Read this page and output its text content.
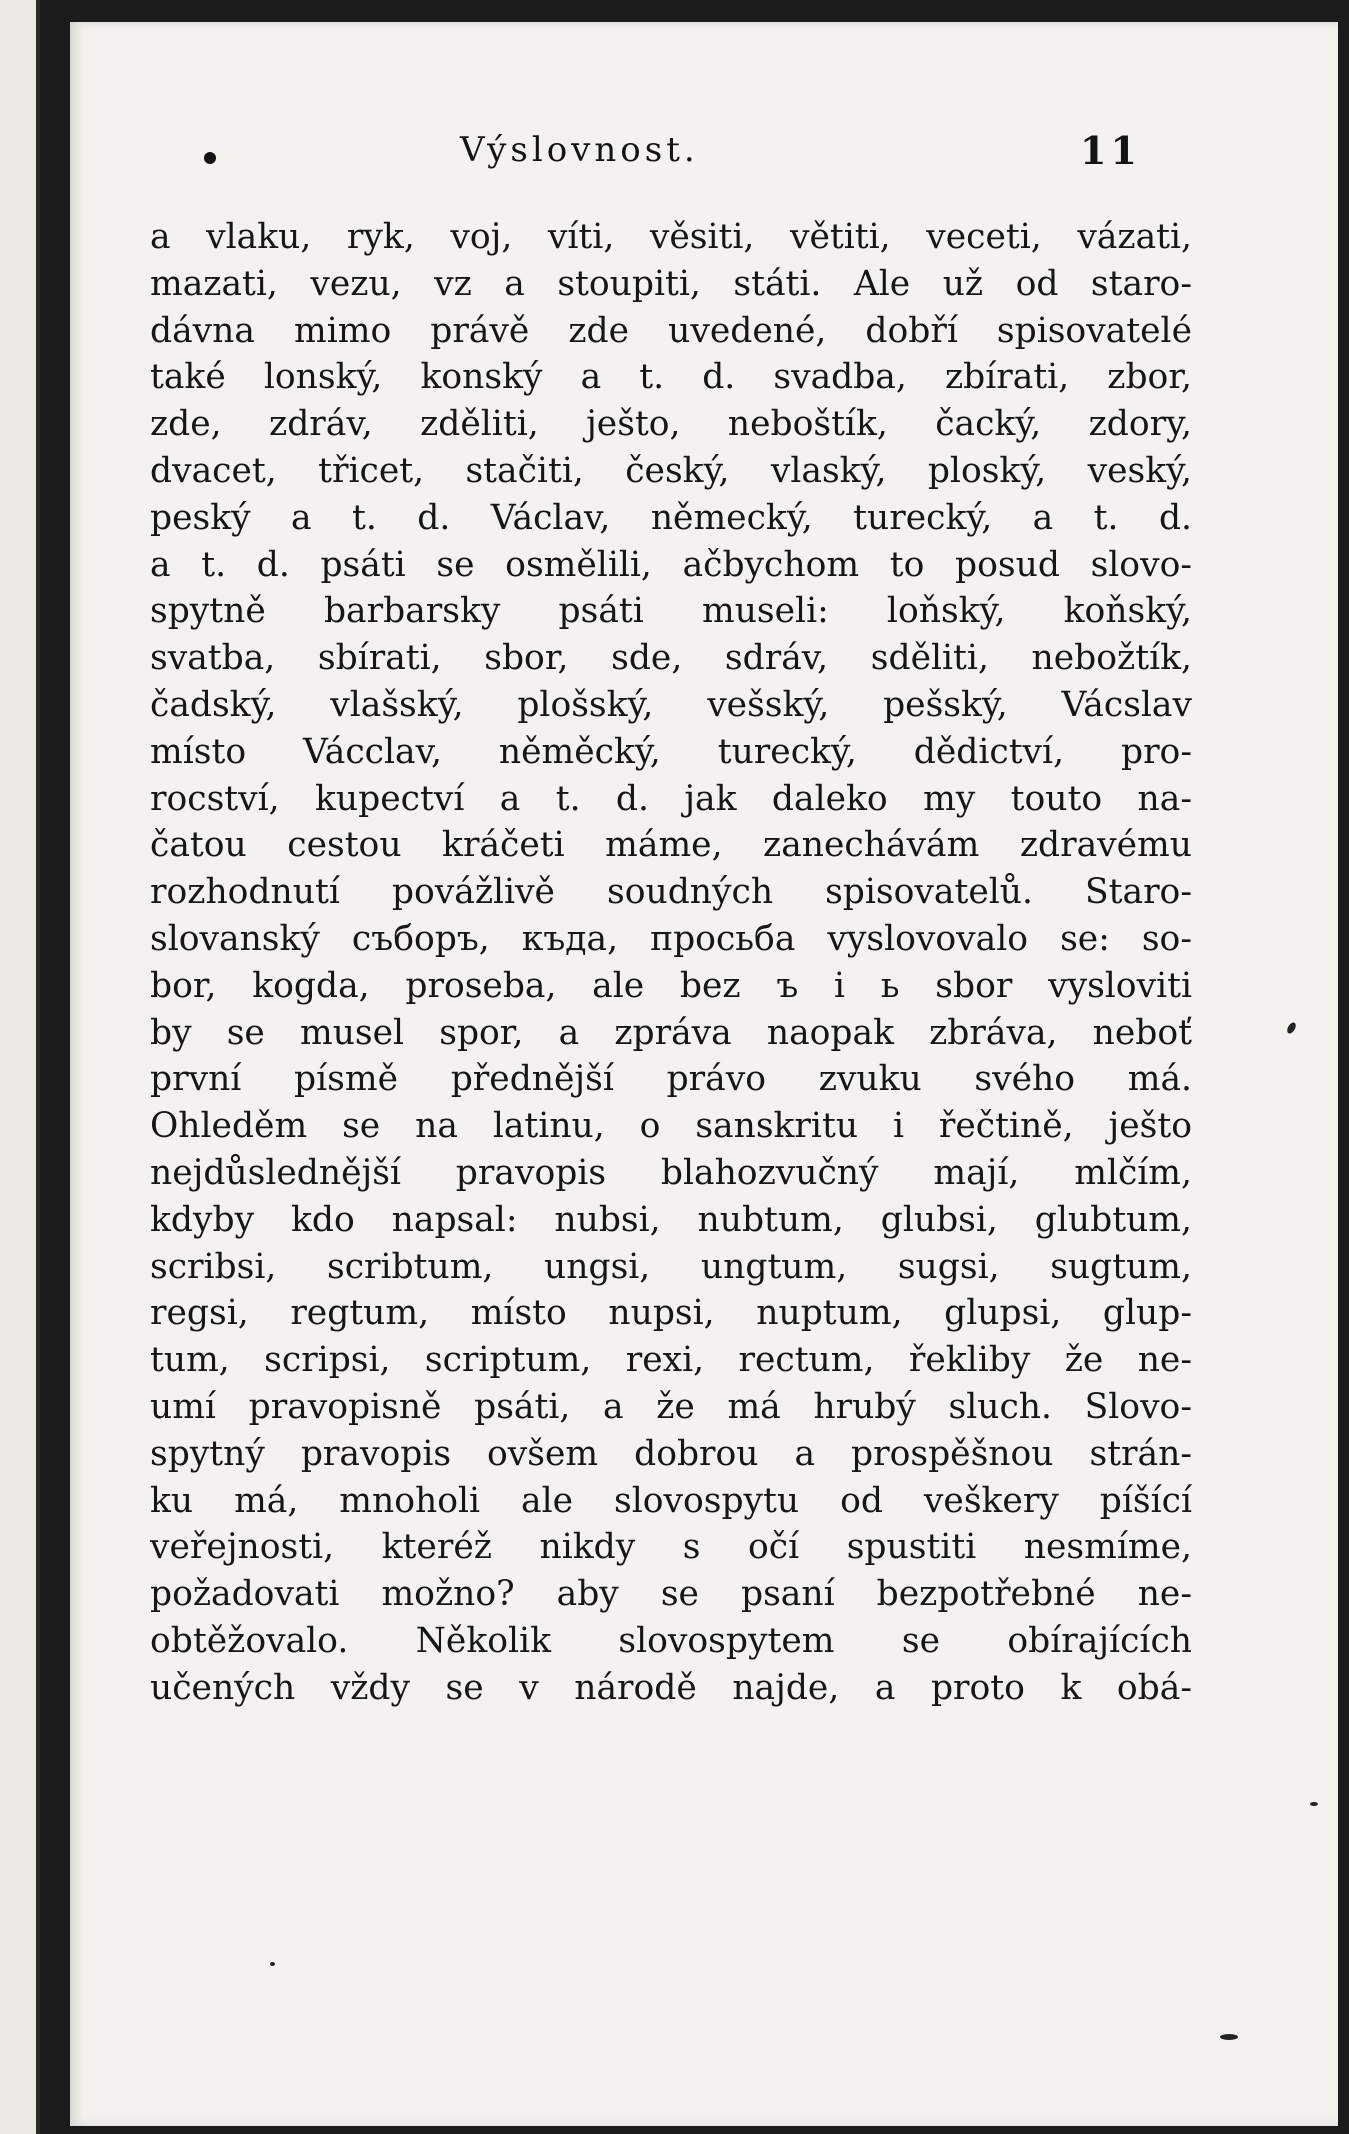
Výslovnost.	11
a vlaku, ryk, voj, víti, věsiti, větiti, veceti, vázati,
mazati, vezu, vz a stoupiti, státi. Ale už od staro-
dávna mimo právě zde uvedené, dobří spisovatelé
také lonský, konský a t. d. svadba, zbírati, zbor,
zde, zdráv, zděliti, ješto, neboštík, čacký, zdory,
dvacet, třicet, stačiti, český, vlaský, ploský, veský,
peský a t. d. Václav, německý, turecký, a t. d.
a t. d. psáti se osmělili, ačbychom to posud slovo-
spytně barbarsky psáti museli: loňský, koňský,
svatba, sbírati, sbor, sde, sdráv, sděliti, nebožtík,
čadský, vlašský, plošský, vešský, pešský, Vácslav
místo Vácclav, něměcký, turecký, dědictví, pro-
rocství, kupectví a t. d. jak daleko my touto na-
čatou cestou kráčeti máme, zanechávám zdravému
rozhodnutí povážlivě soudných spisovatelů. Staro-
slovanský съборъ, къда, просьба vyslovovalo se: so-
bor, kogda, proseba, ale bez ъ i ь sbor vysloviti
by se musel spor, a zpráva naopak zbráva, neboť
první písmě přednější právo zvuku svého má.
Ohleděm se na latinu, o sanskritu i řečtině, ješto
nejdůslednější pravopis blahozvučný mají, mlčím,
kdyby kdo napsal: nubsi, nubtum, glubsi, glubtum,
scribsi, scribtum, ungsi, ungtum, sugsi, sugtum,
regsi, regtum, místo nupsi, nuptum, glupsi, glup-
tum, scripsi, scriptum, rexi, rectum, řekliby že ne-
umí pravopisně psáti, a že má hrubý sluch. Slovo-
spytný pravopis ovšem dobrou a prospěšnou strán-
ku má, mnoholi ale slovospytu od veškery píšící
veřejnosti, kteréž nikdy s očí spustiti nesmíme,
požadovati možno? aby se psaní bezpotřebné ne-
obtěžovalo. Několik slovospytem se obírajících
učených vždy se v národě najde, a proto k obá-
